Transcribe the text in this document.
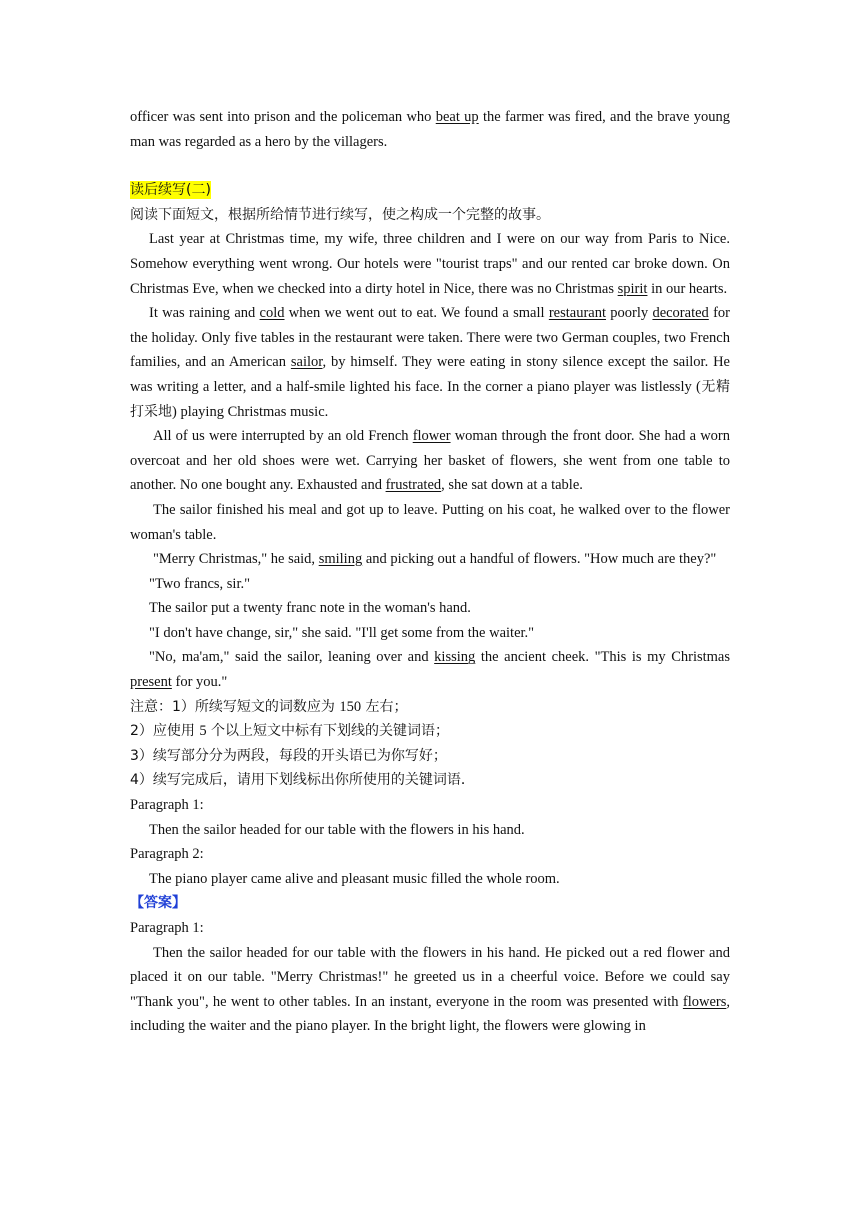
officer was sent into prison and the policeman who beat up the farmer was fired, and the brave young man was regarded as a hero by the villagers.

读后续写(二)

阅读下面短文，根据所给情节进行续写，使之构成一个完整的故事。

Last year at Christmas time, my wife, three children and I were on our way from Paris to Nice. Somehow everything went wrong. Our hotels were "tourist traps" and our rented car broke down. On Christmas Eve, when we checked into a dirty hotel in Nice, there was no Christmas spirit in our hearts.

It was raining and cold when we went out to eat. We found a small restaurant poorly decorated for the holiday. Only five tables in the restaurant were taken. There were two German couples, two French families, and an American sailor, by himself. They were eating in stony silence except the sailor. He was writing a letter, and a half-smile lighted his face. In the corner a piano player was listlessly (无精打采地) playing Christmas music.

All of us were interrupted by an old French flower woman through the front door. She had a worn overcoat and her old shoes were wet. Carrying her basket of flowers, she went from one table to another. No one bought any. Exhausted and frustrated, she sat down at a table.

The sailor finished his meal and got up to leave. Putting on his coat, he walked over to the flower woman's table.

"Merry Christmas," he said, smiling and picking out a handful of flowers. "How much are they?"

"Two francs, sir."

The sailor put a twenty franc note in the woman's hand.

"I don't have change, sir," she said. "I'll get some from the waiter."

"No, ma'am," said the sailor, leaning over and kissing the ancient cheek. "This is my Christmas present for you."

注意：1）所续写短文的词数应为 150 左右；

2）应使用 5 个以上短文中标有下划线的关键词语；

3）续写部分分为两段，每段的开头语已为你写好；

4）续写完成后，请用下划线标出你所使用的关键词语．

Paragraph 1:

Then the sailor headed for our table with the flowers in his hand.

Paragraph 2:

The piano player came alive and pleasant music filled the whole room.

【答案】

Paragraph 1:

Then the sailor headed for our table with the flowers in his hand. He picked out a red flower and placed it on our table. "Merry Christmas!" he greeted us in a cheerful voice. Before we could say "Thank you", he went to other tables. In an instant, everyone in the room was presented with flowers, including the waiter and the piano player. In the bright light, the flowers were glowing in
